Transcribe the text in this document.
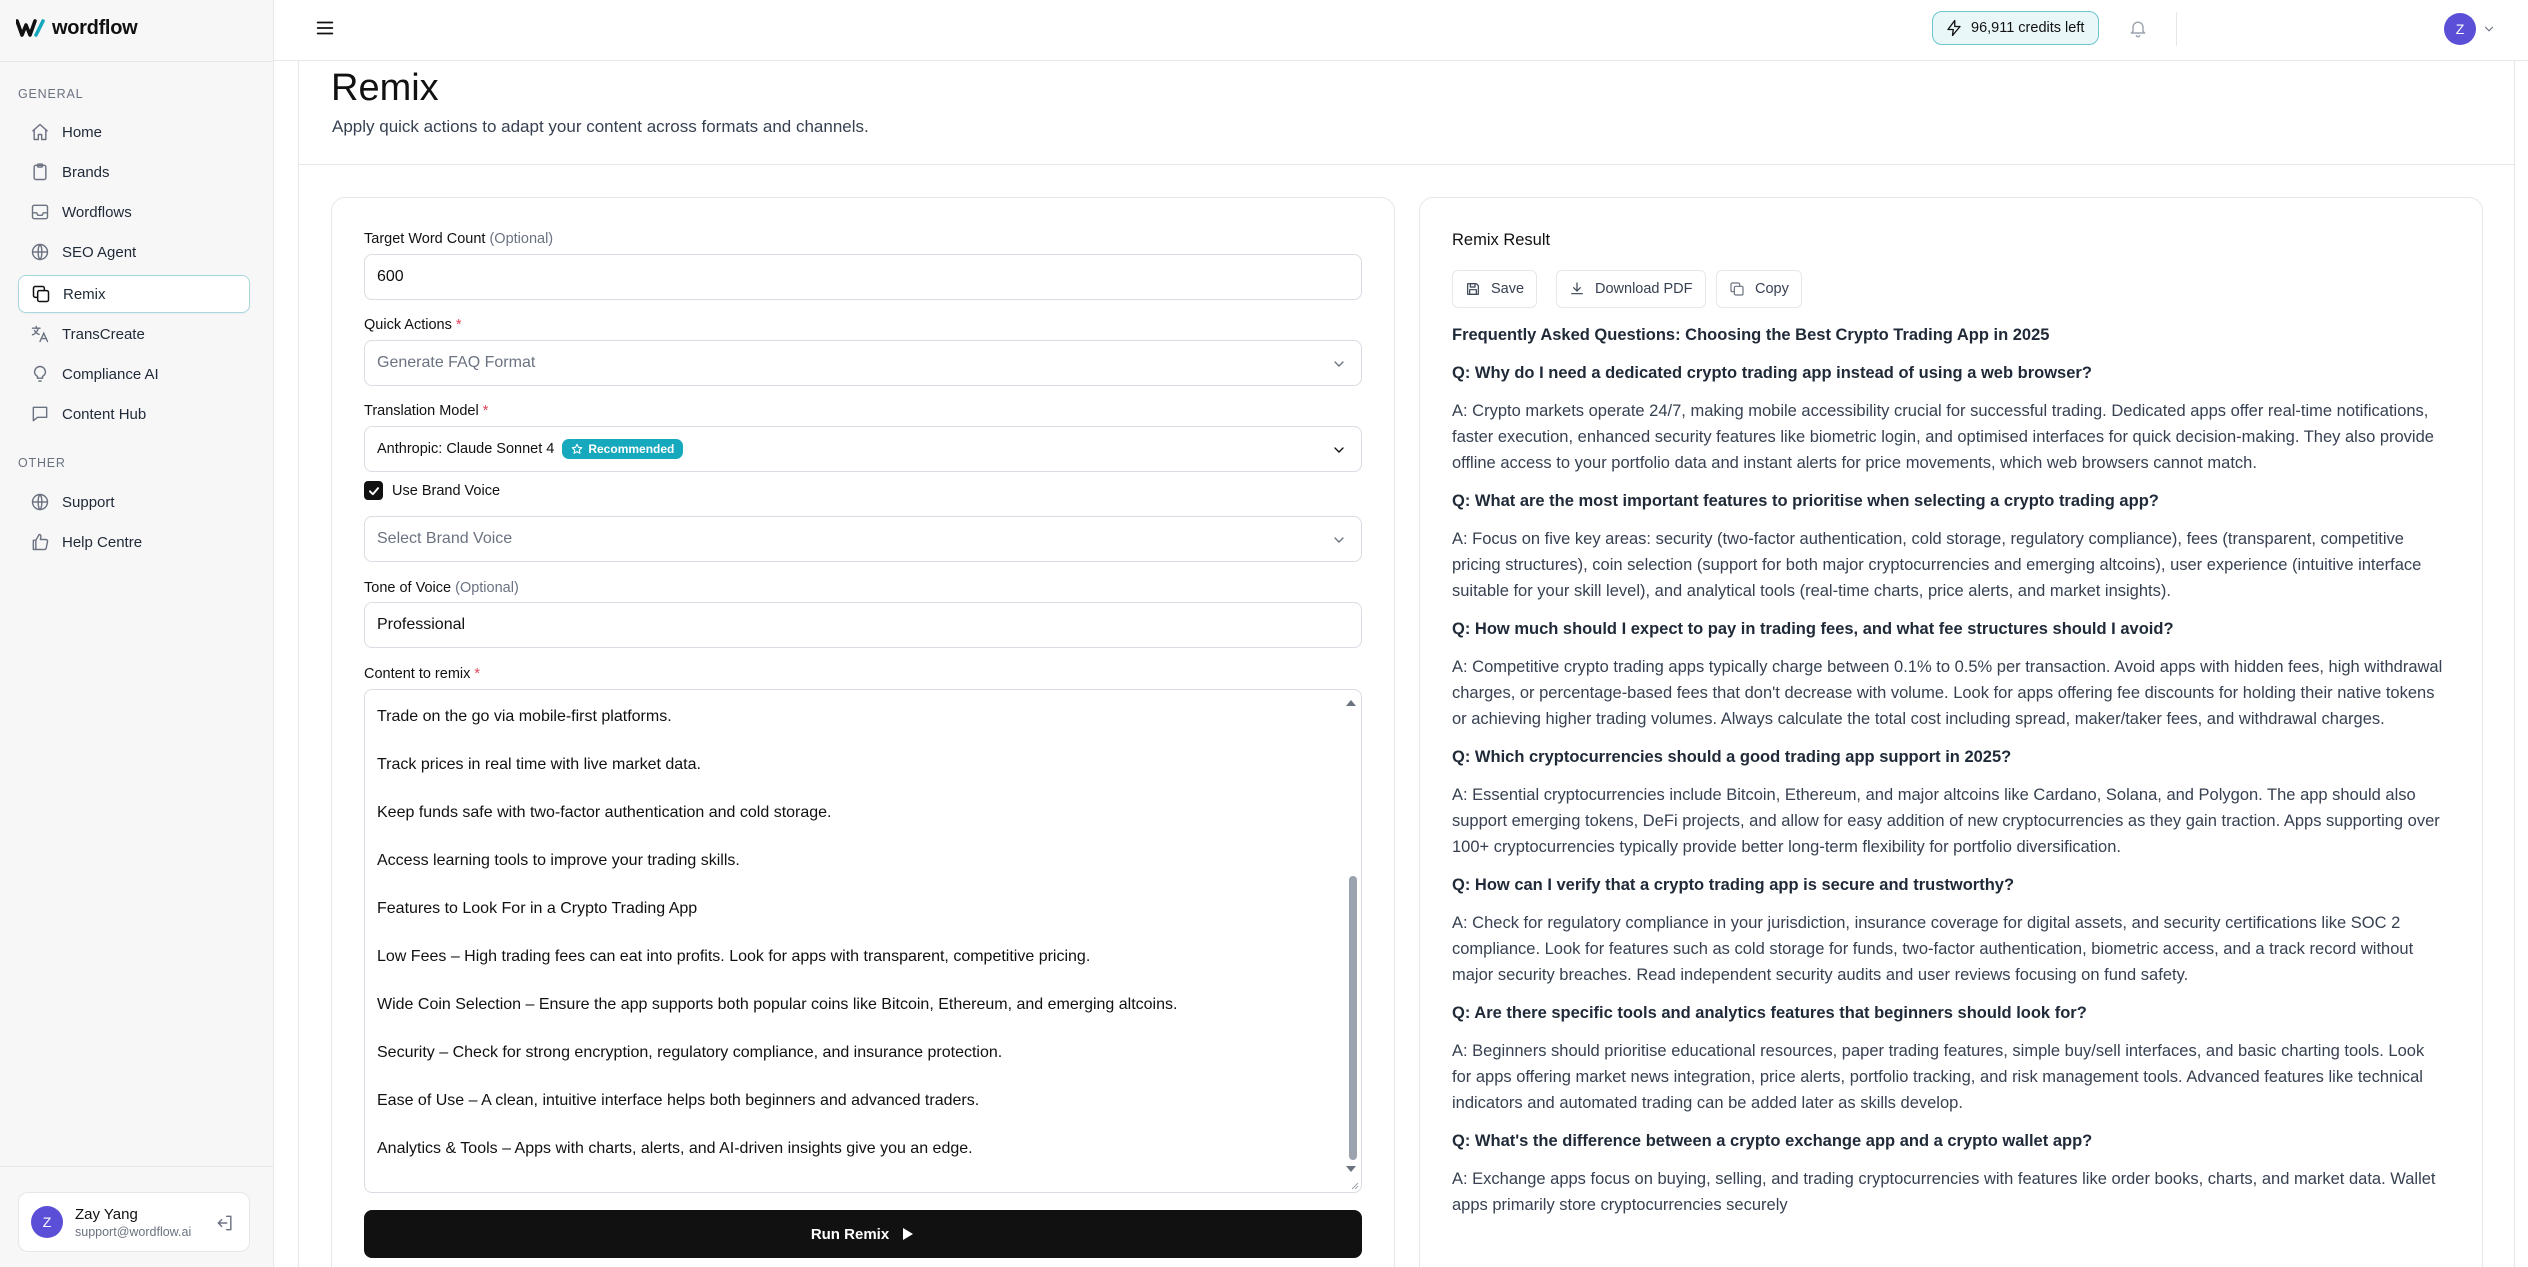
wordflow
GENERAL
Home
Brands
Wordflows
SEO Agent
Remix
TransCreate
Compliance AI
Content Hub
OTHER
Support
Help Centre
Z	Zay Yang
support@wordflow.ai
96,911 credits left	Z
Remix

Apply quick actions to adapt your content across formats and channels.

Target Word Count (Optional)
600
Quick Actions *
Generate FAQ Format
Translation Model *
Anthropic: Claude Sonnet 4	Recommended
Use Brand Voice
Select Brand Voice
Tone of Voice (Optional)
Professional
Content to remix *
Trade on the go via mobile-first platforms.
Track prices in real time with live market data.
Keep funds safe with two-factor authentication and cold storage.
Access learning tools to improve your trading skills.
Features to Look For in a Crypto Trading App
Low Fees – High trading fees can eat into profits. Look for apps with transparent, competitive pricing.
Wide Coin Selection – Ensure the app supports both popular coins like Bitcoin, Ethereum, and emerging altcoins.
Security – Check for strong encryption, regulatory compliance, and insurance protection.
Ease of Use – A clean, intuitive interface helps both beginners and advanced traders.
Analytics & Tools – Apps with charts, alerts, and AI-driven insights give you an edge.
Run Remix
Remix Result
Save	Download PDF	Copy
Frequently Asked Questions: Choosing the Best Crypto Trading App in 2025
Q: Why do I need a dedicated crypto trading app instead of using a web browser?
A: Crypto markets operate 24/7, making mobile accessibility crucial for successful trading. Dedicated apps offer real-time notifications, faster execution, enhanced security features like biometric login, and optimised interfaces for quick decision-making. They also provide offline access to your portfolio data and instant alerts for price movements, which web browsers cannot match.
Q: What are the most important features to prioritise when selecting a crypto trading app?
A: Focus on five key areas: security (two-factor authentication, cold storage, regulatory compliance), fees (transparent, competitive pricing structures), coin selection (support for both major cryptocurrencies and emerging altcoins), user experience (intuitive interface suitable for your skill level), and analytical tools (real-time charts, price alerts, and market insights).
Q: How much should I expect to pay in trading fees, and what fee structures should I avoid?
A: Competitive crypto trading apps typically charge between 0.1% to 0.5% per transaction. Avoid apps with hidden fees, high withdrawal charges, or percentage-based fees that don't decrease with volume. Look for apps offering fee discounts for holding their native tokens or achieving higher trading volumes. Always calculate the total cost including spread, maker/taker fees, and withdrawal charges.
Q: Which cryptocurrencies should a good trading app support in 2025?
A: Essential cryptocurrencies include Bitcoin, Ethereum, and major altcoins like Cardano, Solana, and Polygon. The app should also support emerging tokens, DeFi projects, and allow for easy addition of new cryptocurrencies as they gain traction. Apps supporting over 100+ cryptocurrencies typically provide better long-term flexibility for portfolio diversification.
Q: How can I verify that a crypto trading app is secure and trustworthy?
A: Check for regulatory compliance in your jurisdiction, insurance coverage for digital assets, and security certifications like SOC 2 compliance. Look for features such as cold storage for funds, two-factor authentication, biometric access, and a track record without major security breaches. Read independent security audits and user reviews focusing on fund safety.
Q: Are there specific tools and analytics features that beginners should look for?
A: Beginners should prioritise educational resources, paper trading features, simple buy/sell interfaces, and basic charting tools. Look for apps offering market news integration, price alerts, portfolio tracking, and risk management tools. Advanced features like technical indicators and automated trading can be added later as skills develop.
Q: What's the difference between a crypto exchange app and a crypto wallet app?
A: Exchange apps focus on buying, selling, and trading cryptocurrencies with features like order books, charts, and market data. Wallet apps primarily store cryptocurrencies securely
